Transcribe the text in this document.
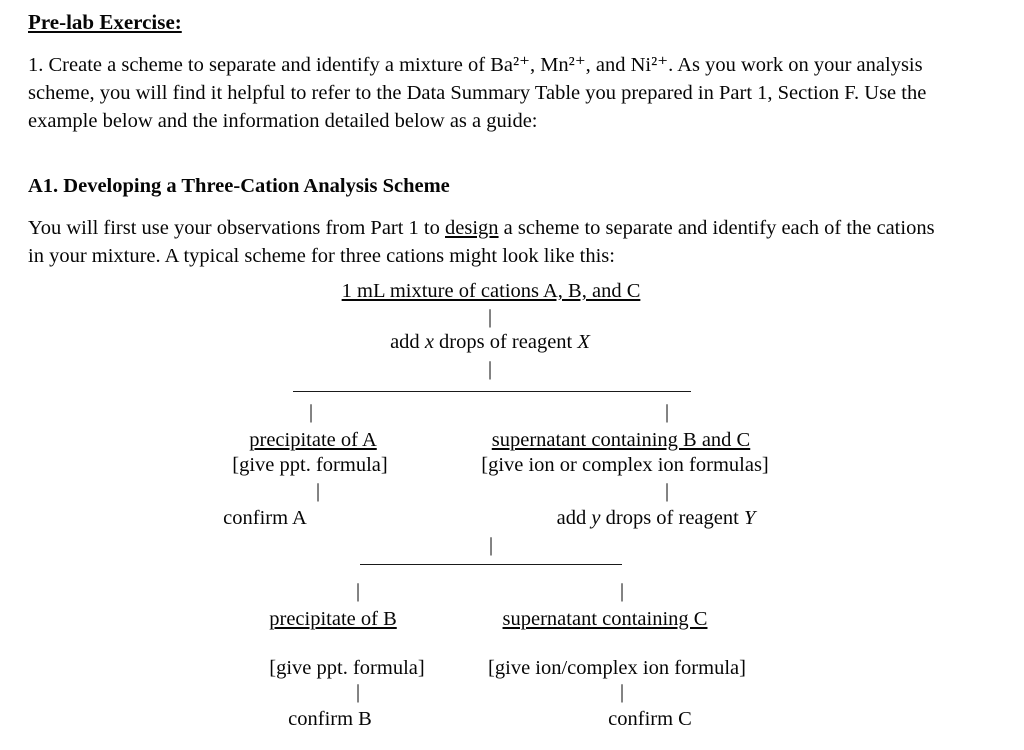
Pre-lab Exercise:

1. Create a scheme to separate and identify a mixture of Ba²⁺, Mn²⁺, and Ni²⁺. As you work on your analysis scheme, you will find it helpful to refer to the Data Summary Table you prepared in Part 1, Section F. Use the example below and the information detailed below as a guide:

A1. Developing a Three-Cation Analysis Scheme

You will first use your observations from Part 1 to design a scheme to separate and identify each of the cations in your mixture. A typical scheme for three cations might look like this:

1 mL mixture of cations A, B, and C
|
add x drops of reagent X
|
|	|
precipitate of A	supernatant containing B and C
[give ppt. formula]	[give ion or complex ion formulas]
|	|
confirm A	add y drops of reagent Y
|
|	|
precipitate of B	supernatant containing C
[give ppt. formula]	[give ion/complex ion formula]
|	|
confirm B	confirm C
